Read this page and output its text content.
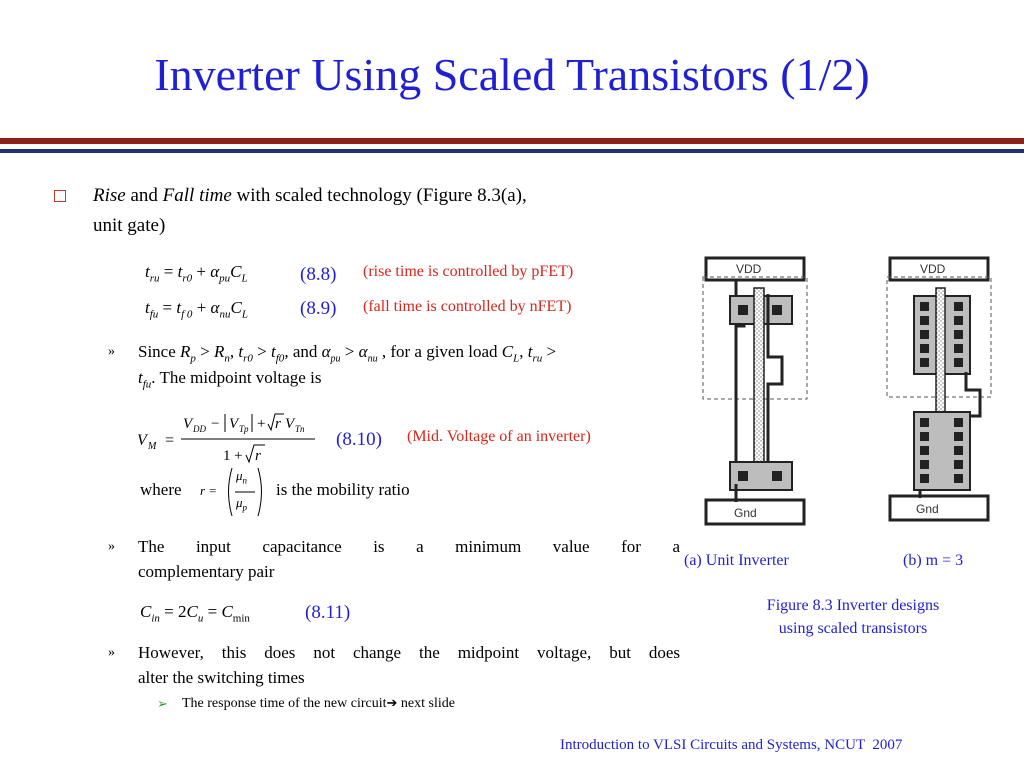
Inverter Using Scaled Transistors (1/2)
Rise and Fall time with scaled technology (Figure 8.3(a),
unit gate)
$t_{ru} = t_{r0} + \alpha_{pu}C_L$	(8.8) (rise time is controlled by pFET)
$t_{fu} = t_{f 0} + \alpha_{nu}C_L$	(8.9) (fall time is controlled by nFET)
» Since $R_p > R_n$, $t_{r0} > t_{f0}$, and $\alpha_{pu} > \alpha_{nu}$ , for a given load $C_L$, $t_{ru}$ >
$t_{fu}$. The midpoint voltage is
V M =
V DD − V Tp + r V Tn
1 + r
(8.10) (Mid. Voltage of an inverter)
where r =
$\mu_n$
$\mu_p$
is the mobility ratio
» The input capacitance is a minimum value for a
complementary pair
$C_{in} = 2C_u = C_{min}$	(8.11)
» However, this does not change the midpoint voltage, but does
alter the switching times
➢ The response time of the new circuit➔ next slide
VDD
Gnd
VDD
Gnd
(a) Unit Inverter	(b) m = 3
Figure 8.3 Inverter designs
using scaled transistors
Introduction to VLSI Circuits and Systems, NCUT  2007
